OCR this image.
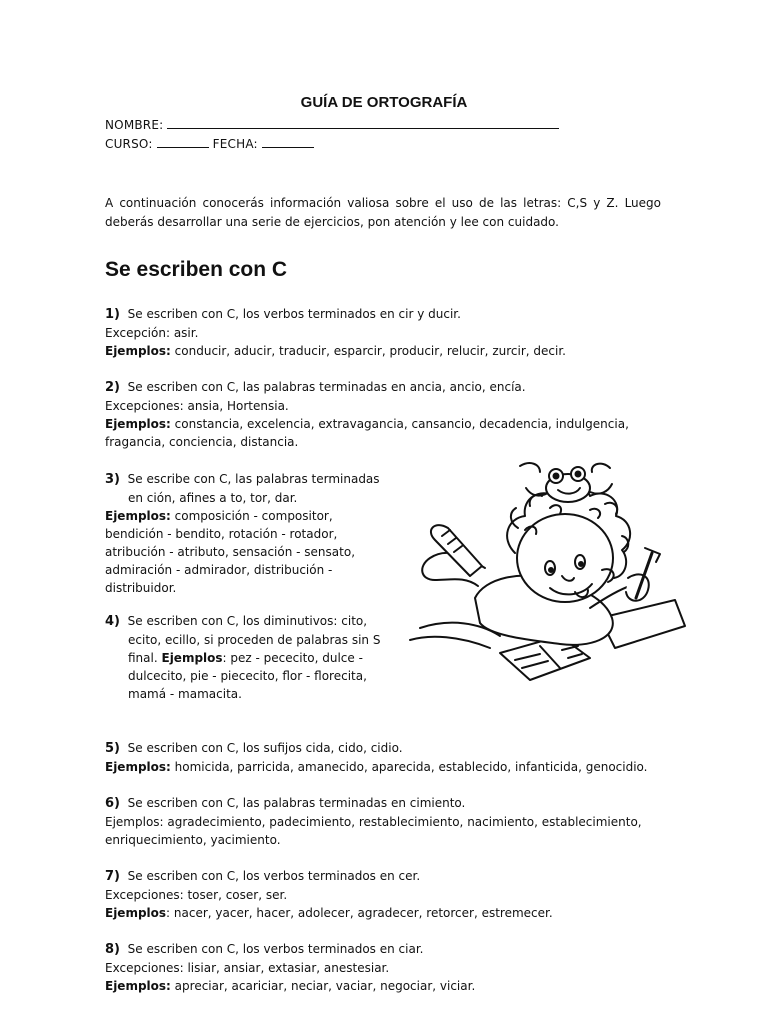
GUÍA DE ORTOGRAFÍA
NOMBRE:
CURSO:	FECHA:
A continuación conocerás información valiosa sobre el uso de las letras: C,S y Z. Luego deberás desarrollar una serie de ejercicios, pon atención y lee con cuidado.
Se escriben con C
1) Se escriben con C, los verbos terminados en cir y ducir.
Excepción: asir.
Ejemplos: conducir, aducir, traducir, esparcir, producir, relucir, zurcir, decir.
2) Se escriben con C, las palabras terminadas en ancia, ancio, encía.
Excepciones: ansia, Hortensia.
Ejemplos: constancia, excelencia, extravagancia, cansancio, decadencia, indulgencia, fragancia, conciencia, distancia.
3) Se escribe con C, las palabras terminadas
en ción, afines a to, tor, dar.
Ejemplos: composición - compositor, bendición - bendito, rotación - rotador, atribución - atributo, sensación - sensato, admiración - admirador, distribución - distribuidor.
4) Se escriben con C, los diminutivos: cito,
ecito, ecillo, si proceden de palabras sin S final. Ejemplos: pez - pececito, dulce - dulcecito, pie - piececito, flor - florecita, mamá - mamacita.
5) Se escriben con C, los sufijos cida, cido, cidio.
Ejemplos: homicida, parricida, amanecido, aparecida, establecido, infanticida, genocidio.
6) Se escriben con C, las palabras terminadas en cimiento.
Ejemplos: agradecimiento, padecimiento, restablecimiento, nacimiento, establecimiento, enriquecimiento, yacimiento.
7) Se escriben con C, los verbos terminados en cer.
Excepciones: toser, coser, ser.
Ejemplos: nacer, yacer, hacer, adolecer, agradecer, retorcer, estremecer.
8) Se escriben con C, los verbos terminados en ciar.
Excepciones: lisiar, ansiar, extasiar, anestesiar.
Ejemplos: apreciar, acariciar, neciar, vaciar, negociar, viciar.
